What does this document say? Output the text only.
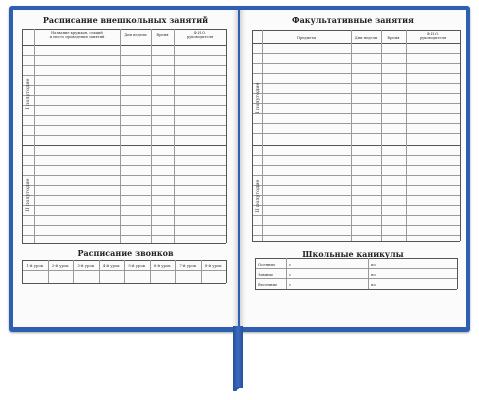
Расписание внешкольных занятий
Название кружков, секций
и место проведения занятий
Дни недели	Время	Ф.И.О.
руководителя
I полугодие
II полугодие
Расписание звонков
1-й урок	2-й урок	3-й урок	4-й урок	5-й урок	6-й урок	7-й урок	8-й урок
Факультативные занятия
Предметы	Дни недели	Время
Ф.И.О.
руководителя
I полугодие
II полугодие
Школьные каникулы
Осенние	с	по
Зимние	с	по
Весенние	с	по
